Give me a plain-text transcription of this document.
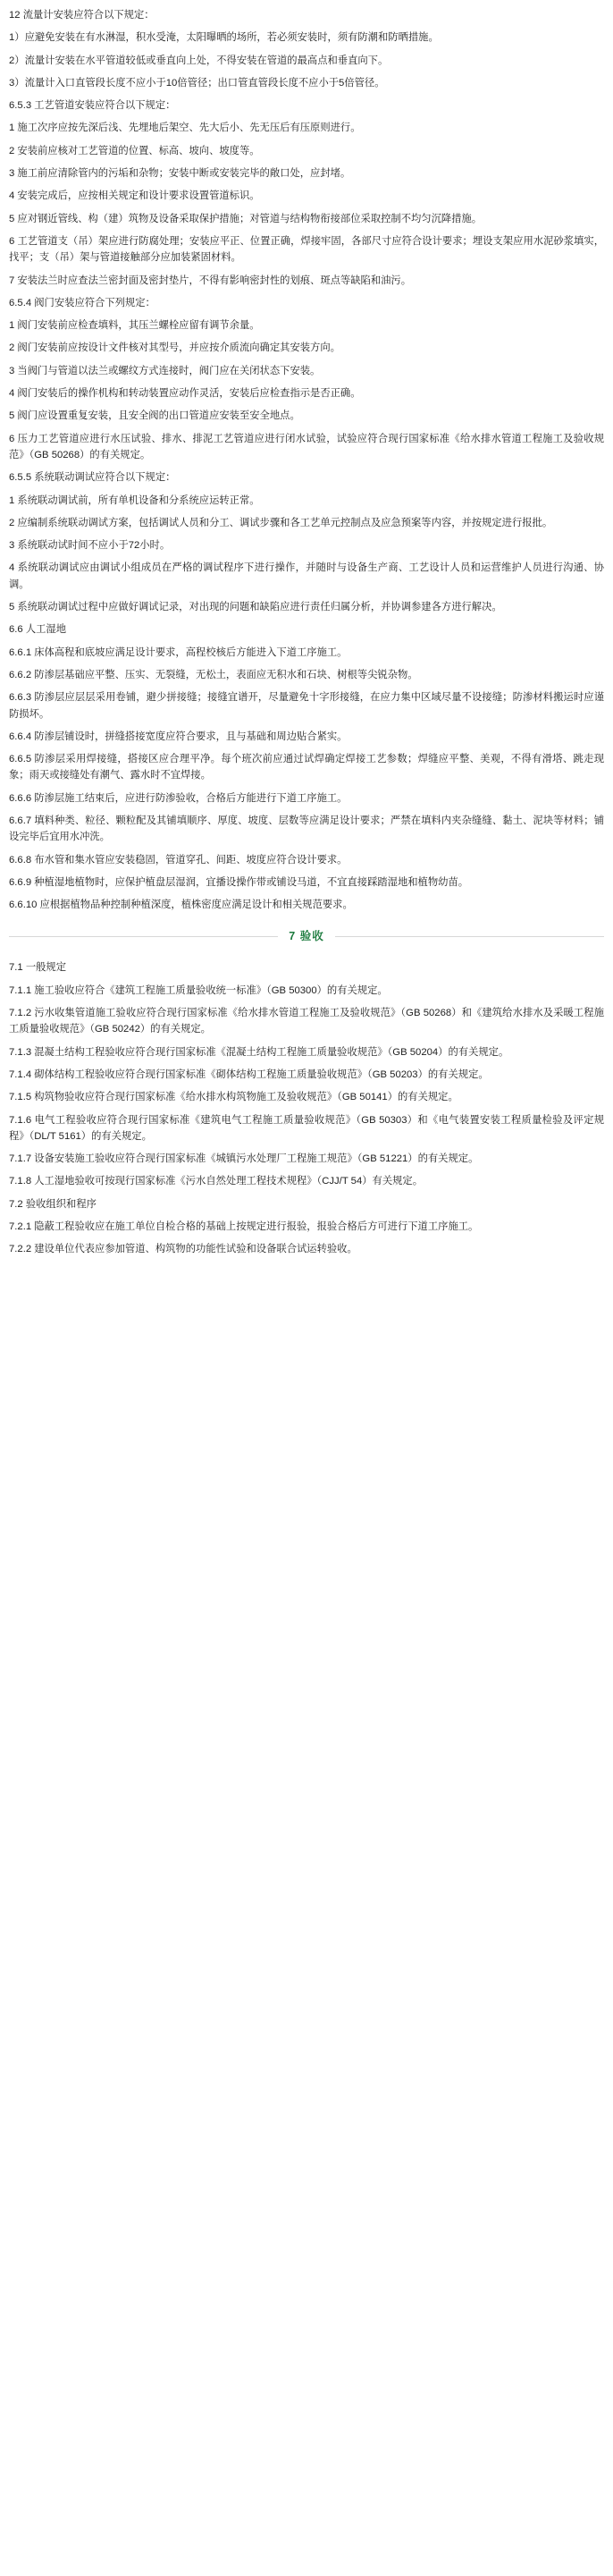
12 流量计安装应符合以下规定：

1）应避免安装在有水淋湿，积水受淹，太阳曝晒的场所，若必须安装时，须有防潮和防晒措施。

2）流量计安装在水平管道较低或垂直向上处，不得安装在管道的最高点和垂直向下。

3）流量计入口直管段长度不应小于10倍管径；出口管直管段长度不应小于5倍管径。

6.5.3 工艺管道安装应符合以下规定：

1 施工次序应按先深后浅、先埋地后架空、先大后小、先无压后有压原则进行。

2 安装前应核对工艺管道的位置、标高、坡向、坡度等。

3 施工前应清除管内的污垢和杂物；安装中断或安装完毕的敞口处，应封堵。

4 安装完成后，应按相关规定和设计要求设置管道标识。

5 应对钢近管线、构（建）筑物及设备采取保护措施；对管道与结构物衔接部位采取控制不均匀沉降措施。

6 工艺管道支（吊）架应进行防腐处理；安装应平正、位置正确，焊接牢固，各部尺寸应符合设计要求；埋设支架应用水泥砂浆填实，找平；支（吊）架与管道接触部分应加装紧固材料。

7 安装法兰时应查法兰密封面及密封垫片，不得有影响密封性的划痕、斑点等缺陷和油污。

6.5.4 阀门安装应符合下列规定：

1 阀门安装前应检查填料，其压兰螺栓应留有调节余量。

2 阀门安装前应按设计文件核对其型号，并应按介质流向确定其安装方向。

3 当阀门与管道以法兰或螺纹方式连接时，阀门应在关闭状态下安装。

4 阀门安装后的操作机构和转动装置应动作灵活，安装后应检查指示是否正确。

5 阀门应设置重复安装，且安全阀的出口管道应安装至安全地点。

6 压力工艺管道应进行水压试验、排水、排泥工艺管道应进行闭水试验，试验应符合现行国家标准《给水排水管道工程施工及验收规范》（GB 50268）的有关规定。

6.5.5 系统联动调试应符合以下规定：

1 系统联动调试前，所有单机设备和分系统应运转正常。

2 应编制系统联动调试方案，包括调试人员和分工、调试步骤和各工艺单元控制点及应急预案等内容，并按规定进行报批。

3 系统联动试时间不应小于72小时。

4 系统联动调试应由调试小组成员在严格的调试程序下进行操作，并随时与设备生产商、工艺设计人员和运营维护人员进行沟通、协调。

5 系统联动调试过程中应做好调试记录，对出现的问题和缺陷应进行责任归属分析，并协调参建各方进行解决。

6.6 人工湿地

6.6.1 床体高程和底坡应满足设计要求，高程校核后方能进入下道工序施工。

6.6.2 防渗层基础应平整、压实、无裂缝，无松土，表面应无积水和石块、树根等尖锐杂物。

6.6.3 防渗层应层层采用卷铺，避少拼接缝；接缝宜谱开，尽量避免十字形接缝，在应力集中区域尽量不设接缝；防渗材料搬运时应谨防损坏。

6.6.4 防渗层铺设时，拼缝搭接宽度应符合要求，且与基础和周边贴合紧实。

6.6.5 防渗层采用焊接缝，搭接区应合理平净。每个班次前应通过试焊确定焊接工艺参数；焊缝应平整、美观，不得有滑塔、跳走现象；雨天或接缝处有潮气、露水时不宜焊接。

6.6.6 防渗层施工结束后，应进行防渗验收，合格后方能进行下道工序施工。

6.6.7 填料种类、粒径、颗粒配及其铺填顺序、厚度、坡度、层数等应满足设计要求；严禁在填料内夹杂缝缝、黏土、泥块等材料；铺设完毕后宜用水冲洗。

6.6.8 布水管和集水管应安装稳固，管道穿孔、间距、坡度应符合设计要求。

6.6.9 种植湿地植物时，应保护植盘层湿润，宜播设操作带或铺设马道，不宜直接踩踏湿地和植物幼苗。

6.6.10 应根据植物品种控制种植深度，植株密度应满足设计和相关规范要求。

7 验收

7.1 一般规定

7.1.1 施工验收应符合《建筑工程施工质量验收统一标准》（GB 50300）的有关规定。

7.1.2 污水收集管道施工验收应符合现行国家标准《给水排水管道工程施工及验收规范》（GB 50268）和《建筑给水排水及采暖工程施工质量验收规范》（GB 50242）的有关规定。

7.1.3 混凝土结构工程验收应符合现行国家标准《混凝土结构工程施工质量验收规范》（GB 50204）的有关规定。

7.1.4 砌体结构工程验收应符合现行国家标准《砌体结构工程施工质量验收规范》（GB 50203）的有关规定。

7.1.5 构筑物验收应符合现行国家标准《给水排水构筑物施工及验收规范》（GB 50141）的有关规定。

7.1.6 电气工程验收应符合现行国家标准《建筑电气工程施工质量验收规范》（GB 50303）和《电气装置安装工程质量检验及评定规程》（DL/T 5161）的有关规定。

7.1.7 设备安装施工验收应符合现行国家标准《城镇污水处理厂工程施工规范》（GB 51221）的有关规定。

7.1.8 人工湿地验收可按现行国家标准《污水自然处理工程技术规程》（CJJ/T 54）有关规定。

7.2 验收组织和程序

7.2.1 隐蔽工程验收应在施工单位自检合格的基础上按规定进行报验，报验合格后方可进行下道工序施工。

7.2.2 建设单位代表应参加管道、构筑物的功能性试验和设备联合试运转验收。
